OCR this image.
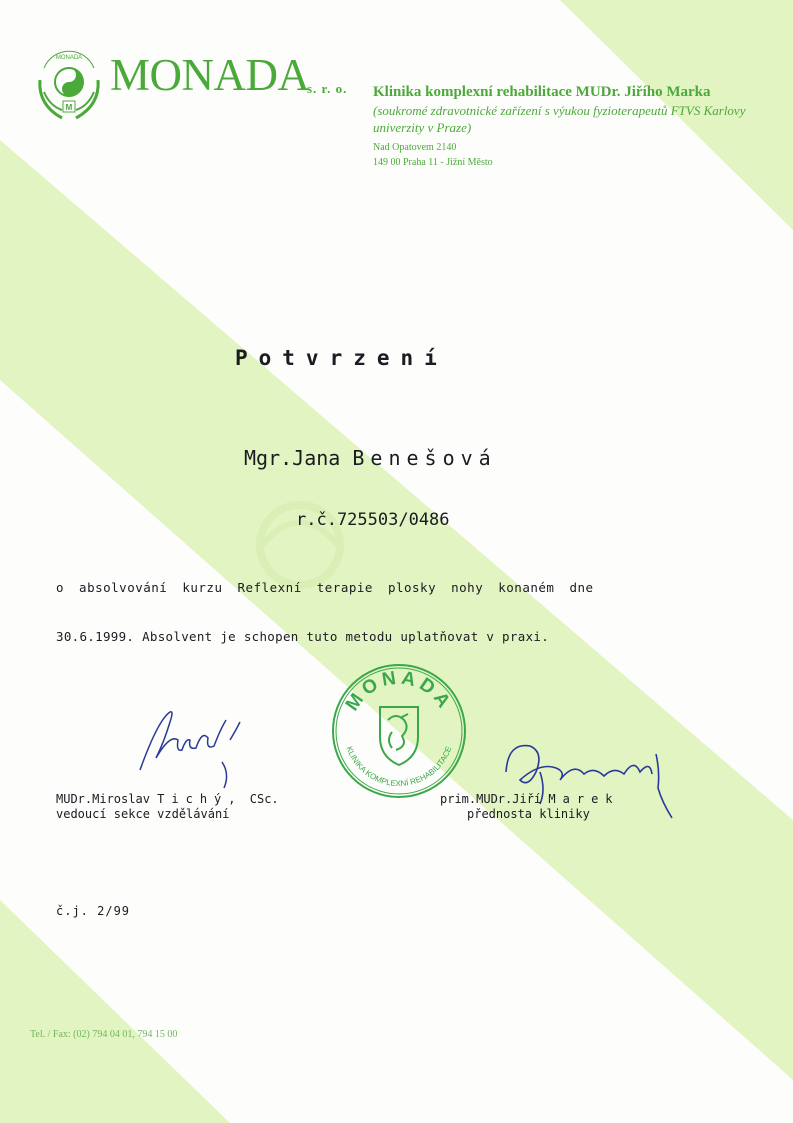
M
MONADA MONADA
s. r. o. Klinika komplexní rehabilitace MUDr. Jiřího Marka
(soukromé zdravotnické zařízení s výukou fyzioterapeutů FTVS Karlovy univerzity v Praze)
Nad Opatovem 2140
149 00 Praha 11 - Jižní Město
Potvrzení
Mgr.Jana Benešová
r.č.725503/0486
o absolvování kurzu Reflexní terapie plosky nohy konaném dne
30.6.1999. Absolvent je schopen tuto metodu uplatňovat v praxi.
MONADA
KLINIKA KOMPLEXNÍ REHABILITACE
MUDr.Miroslav Tichý, CSc.
vedoucí sekce vzdělávání
prim.MUDr.Jiří Marek
přednosta kliniky
č.j. 2/99
Tel. / Fax: (02) 794 04 01, 794 15 00
